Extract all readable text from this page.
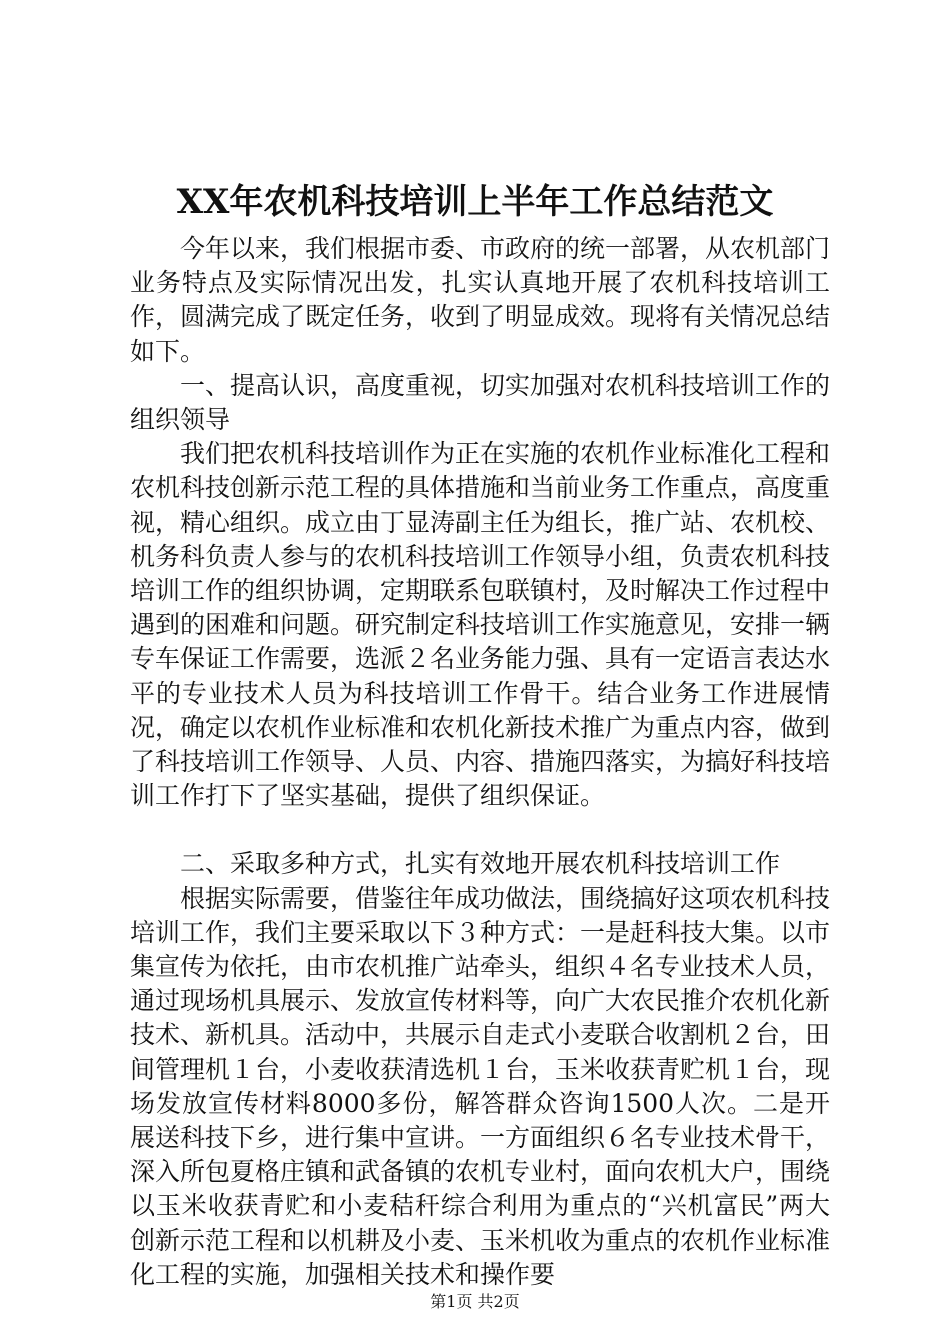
XX年农机科技培训上半年工作总结范文

今年以来，我们根据市委、市政府的统一部署，从农机部门业务特点及实际情况出发，扎实认真地开展了农机科技培训工作，圆满完成了既定任务，收到了明显成效。现将有关情况总结如下。

一、提高认识，高度重视，切实加强对农机科技培训工作的组织领导

我们把农机科技培训作为正在实施的农机作业标准化工程和农机科技创新示范工程的具体措施和当前业务工作重点，高度重视，精心组织。成立由丁显涛副主任为组长，推广站、农机校、机务科负责人参与的农机科技培训工作领导小组，负责农机科技培训工作的组织协调，定期联系包联镇村，及时解决工作过程中遇到的困难和问题。研究制定科技培训工作实施意见，安排一辆专车保证工作需要，选派２名业务能力强、具有一定语言表达水平的专业技术人员为科技培训工作骨干。结合业务工作进展情况，确定以农机作业标准和农机化新技术推广为重点内容，做到了科技培训工作领导、人员、内容、措施四落实，为搞好科技培训工作打下了坚实基础，提供了组织保证。

二、采取多种方式，扎实有效地开展农机科技培训工作

根据实际需要，借鉴往年成功做法，围绕搞好这项农机科技培训工作，我们主要采取以下３种方式：一是赶科技大集。以市集宣传为依托，由市农机推广站牵头，组织４名专业技术人员，通过现场机具展示、发放宣传材料等，向广大农民推介农机化新技术、新机具。活动中，共展示自走式小麦联合收割机２台，田间管理机１台，小麦收获清选机１台，玉米收获青贮机１台，现场发放宣传材料8000多份，解答群众咨询1500人次。二是开展送科技下乡，进行集中宣讲。一方面组织６名专业技术骨干，深入所包夏格庄镇和武备镇的农机专业村，面向农机大户，围绕以玉米收获青贮和小麦秸秆综合利用为重点的“兴机富民”两大创新示范工程和以机耕及小麦、玉米机收为重点的农机作业标准化工程的实施，加强相关技术和操作要

第1页 共2页
